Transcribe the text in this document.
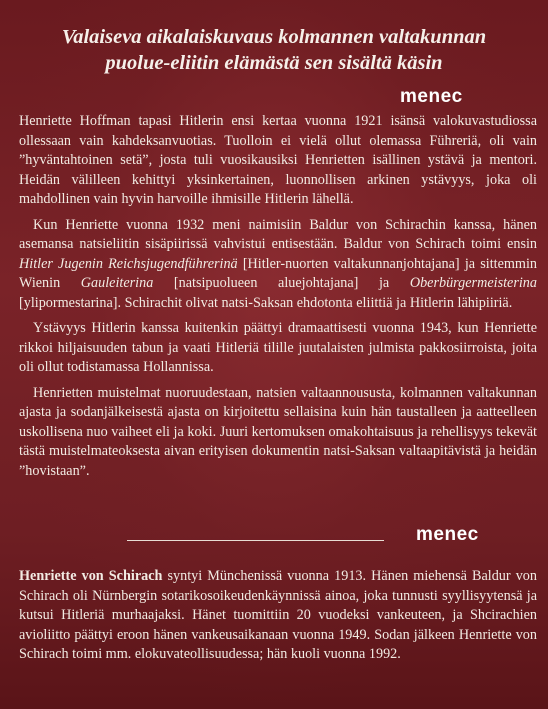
Valaiseva aikalaiskuvaus kolmannen valtakunnan
puolue-eliitin elämästä sen sisältä käsin
menec

Henriette Hoffman tapasi Hitlerin ensi kertaa vuonna 1921 isänsä valokuvastudiossa ollessaan vain kahdeksanvuotias. Tuolloin ei vielä ollut olemassa Führeriä, oli vain ”hyväntahtoinen setä”, josta tuli vuosikausiksi Henrietten isällinen ystävä ja mentori. Heidän välilleen kehittyi yksinkertainen, luonnollisen arkinen ystävyys, joka oli mahdollinen vain hyvin harvoille ihmisille Hitlerin lähellä.

Kun Henriette vuonna 1932 meni naimisiin Baldur von Schirachin kanssa, hänen asemansa natsieliitin sisäpiirissä vahvistui entisestään. Baldur von Schirach toimi ensin Hitler Jugenin Reichsjugendführerinä [Hitler-nuorten valtakunnanjohtajana] ja sittemmin Wienin Gauleiterina [natsipuolueen aluejohtajana] ja Oberbürgermeisterina [ylipormestarina]. Schirachit olivat natsi-Saksan ehdotonta eliittiä ja Hitlerin lähipiiriä.

Ystävyys Hitlerin kanssa kuitenkin päättyi dramaattisesti vuonna 1943, kun Henriette rikkoi hiljaisuuden tabun ja vaati Hitleriä tilille juutalaisten julmista pakkosiirroista, joita oli ollut todistamassa Hollannissa.

Henrietten muistelmat nuoruudestaan, natsien valtaannoususta, kolmannen valtakunnan ajasta ja sodanjälkeisestä ajasta on kirjoitettu sellaisina kuin hän taustalleen ja aatteelleen uskollisena nuo vaiheet eli ja koki. Juuri kertomuksen omakohtaisuus ja rehellisyys tekevät tästä muistelmateoksesta aivan erityisen dokumentin natsi-Saksan valtaapitävistä ja heidän ”hovistaan”.

menec

Henriette von Schirach syntyi Münchenissä vuonna 1913. Hänen miehensä Baldur von Schirach oli Nürnbergin sotarikosoikeudenkäynnissä ainoa, joka tunnusti syyllisyytensä ja kutsui Hitleriä murhaajaksi. Hänet tuomittiin 20 vuodeksi vankeuteen, ja Shcirachien avioliitto päättyi eroon hänen vankeusaikanaan vuonna 1949. Sodan jälkeen Henriette von Schirach toimi mm. elokuvateollisuudessa; hän kuoli vuonna 1992.
